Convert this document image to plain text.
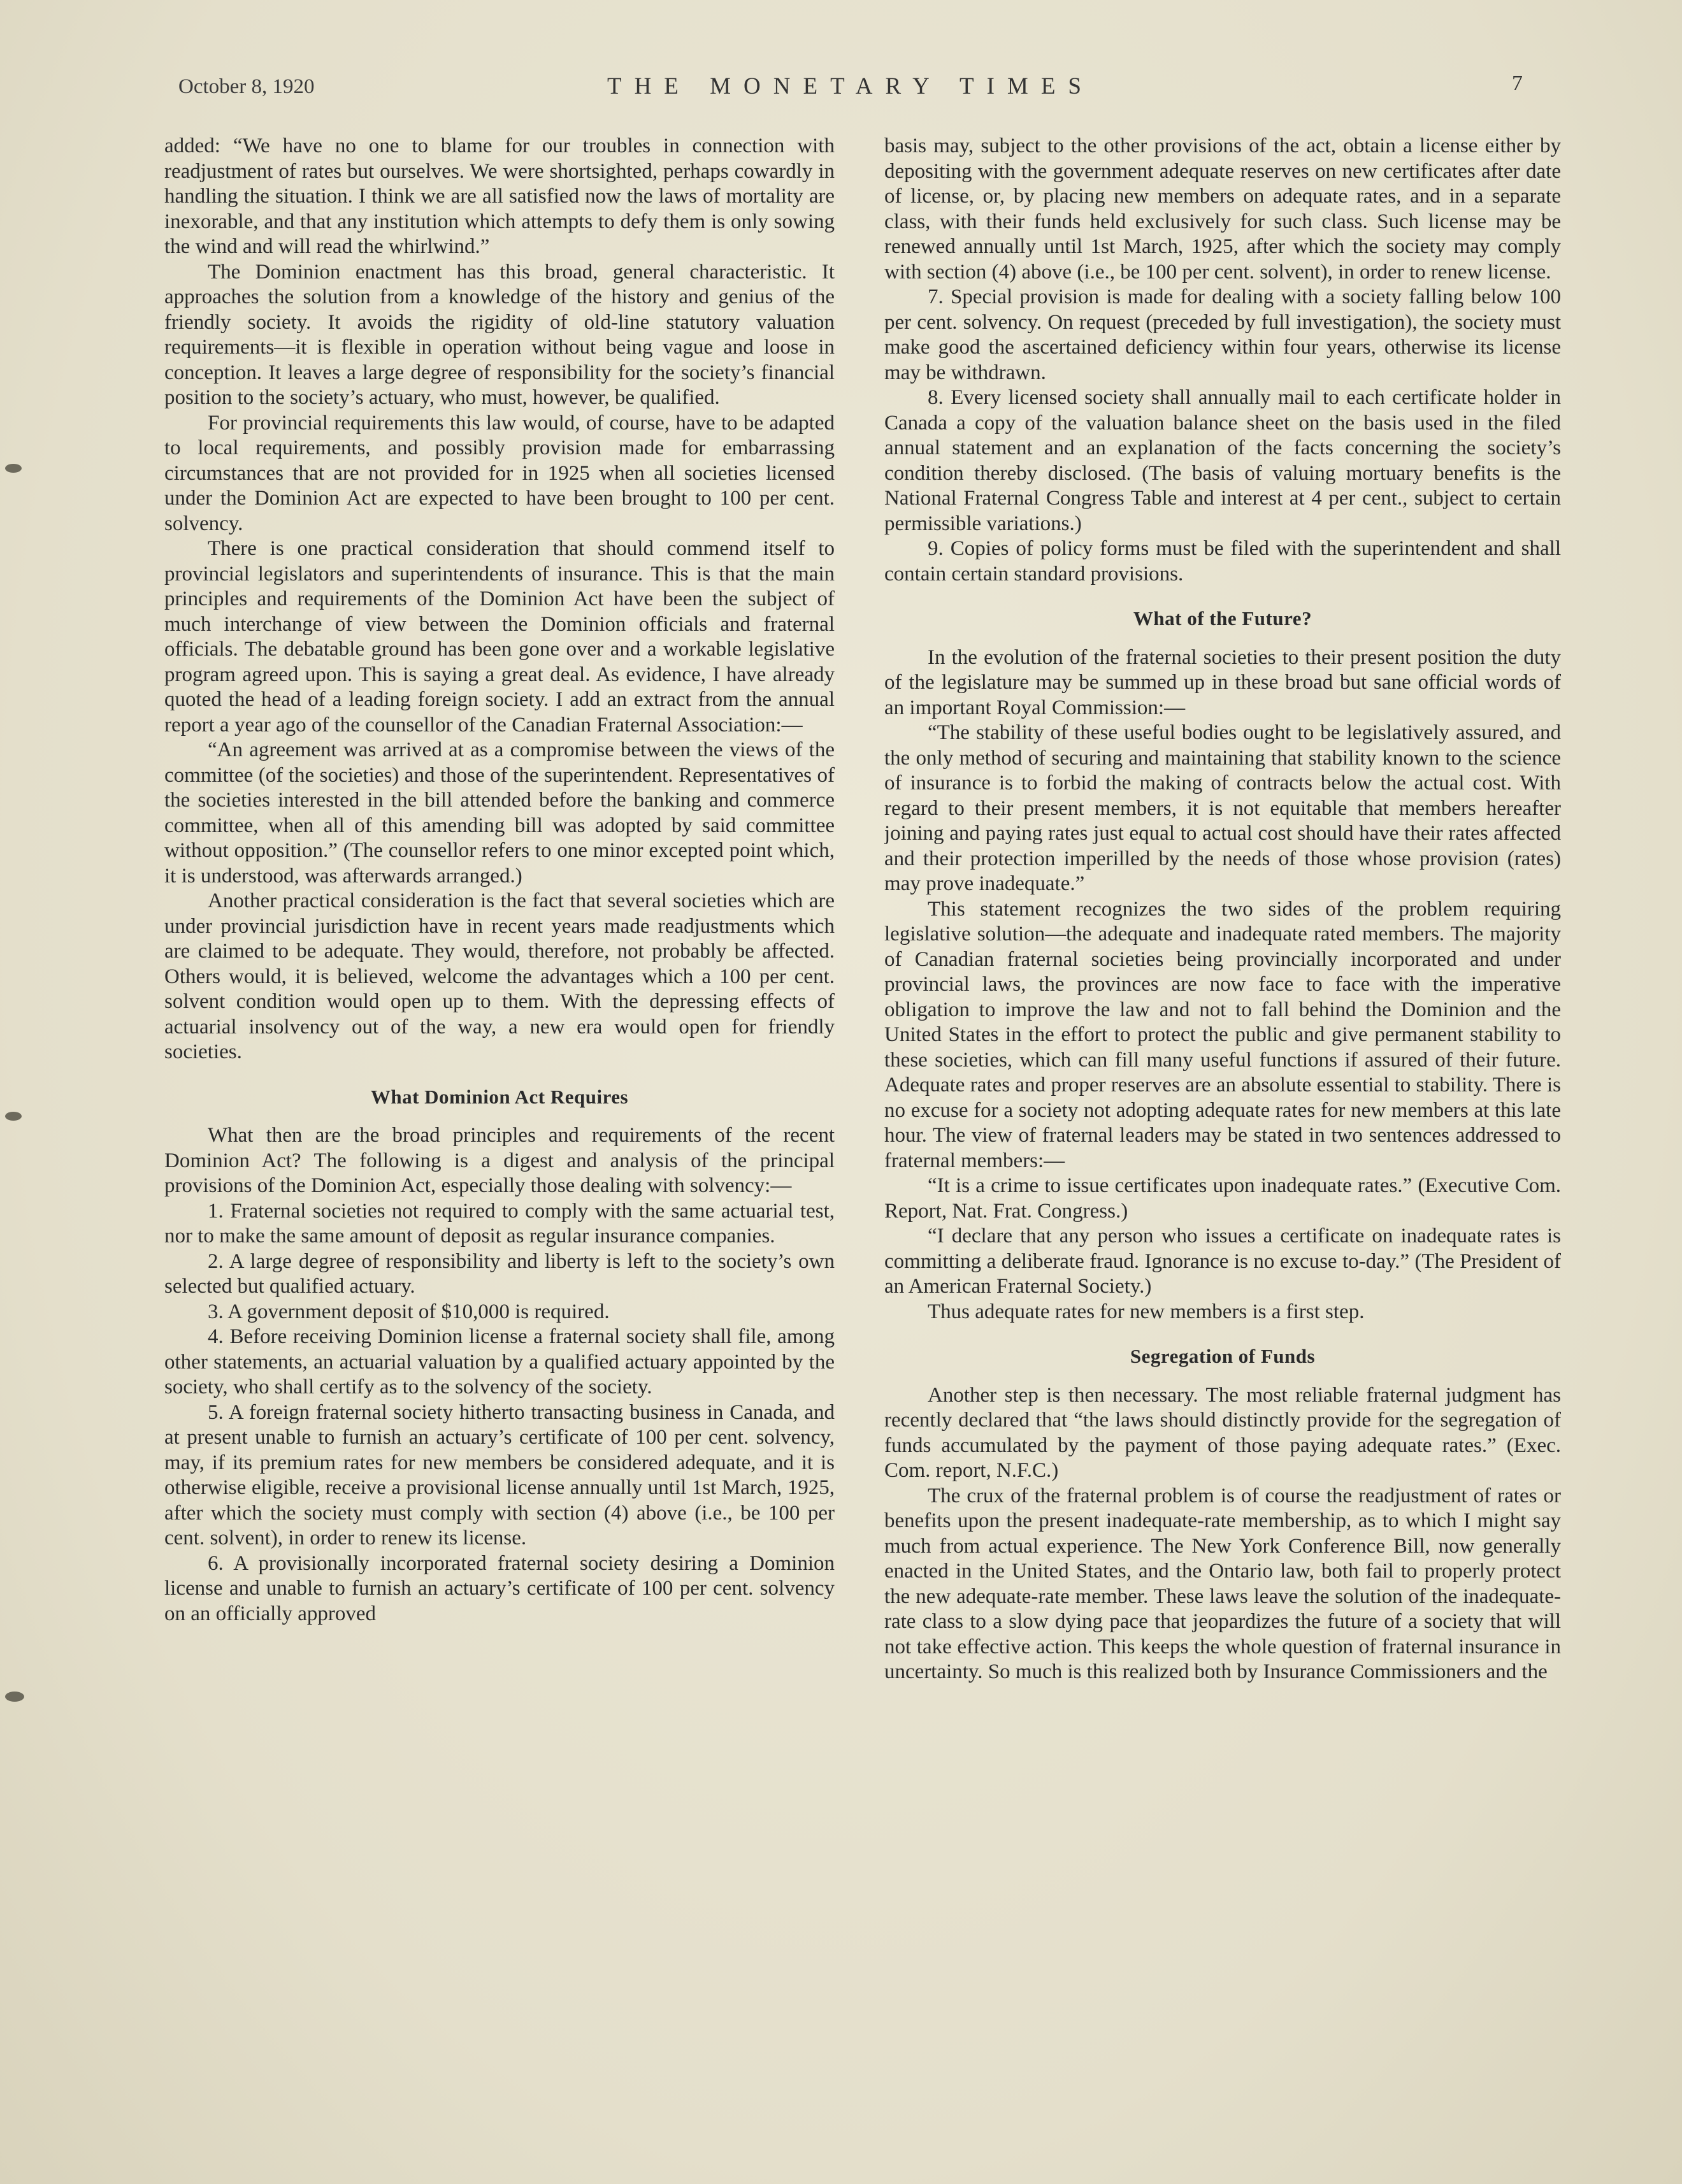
October 8, 1920	THE MONETARY TIMES	7

added: “We have no one to blame for our troubles in connection with readjustment of rates but ourselves. We were shortsighted, perhaps cowardly in handling the situation. I think we are all satisfied now the laws of mortality are inexorable, and that any institution which attempts to defy them is only sowing the wind and will read the whirlwind.”

The Dominion enactment has this broad, general characteristic. It approaches the solution from a knowledge of the history and genius of the friendly society. It avoids the rigidity of old-line statutory valuation requirements—it is flexible in operation without being vague and loose in conception. It leaves a large degree of responsibility for the society’s financial position to the society’s actuary, who must, however, be qualified.

For provincial requirements this law would, of course, have to be adapted to local requirements, and possibly provision made for embarrassing circumstances that are not provided for in 1925 when all societies licensed under the Dominion Act are expected to have been brought to 100 per cent. solvency.

There is one practical consideration that should commend itself to provincial legislators and superintendents of insurance. This is that the main principles and requirements of the Dominion Act have been the subject of much interchange of view between the Dominion officials and fraternal officials. The debatable ground has been gone over and a workable legislative program agreed upon. This is saying a great deal. As evidence, I have already quoted the head of a leading foreign society. I add an extract from the annual report a year ago of the counsellor of the Canadian Fraternal Association:—

“An agreement was arrived at as a compromise between the views of the committee (of the societies) and those of the superintendent. Representatives of the societies interested in the bill attended before the banking and commerce committee, when all of this amending bill was adopted by said committee without opposition.” (The counsellor refers to one minor excepted point which, it is understood, was afterwards arranged.)

Another practical consideration is the fact that several societies which are under provincial jurisdiction have in recent years made readjustments which are claimed to be adequate. They would, therefore, not probably be affected. Others would, it is believed, welcome the advantages which a 100 per cent. solvent condition would open up to them. With the depressing effects of actuarial insolvency out of the way, a new era would open for friendly societies.

What Dominion Act Requires

What then are the broad principles and requirements of the recent Dominion Act? The following is a digest and analysis of the principal provisions of the Dominion Act, especially those dealing with solvency:—

1. Fraternal societies not required to comply with the same actuarial test, nor to make the same amount of deposit as regular insurance companies.

2. A large degree of responsibility and liberty is left to the society’s own selected but qualified actuary.

3. A government deposit of $10,000 is required.

4. Before receiving Dominion license a fraternal society shall file, among other statements, an actuarial valuation by a qualified actuary appointed by the society, who shall certify as to the solvency of the society.

5. A foreign fraternal society hitherto transacting business in Canada, and at present unable to furnish an actuary’s certificate of 100 per cent. solvency, may, if its premium rates for new members be considered adequate, and it is otherwise eligible, receive a provisional license annually until 1st March, 1925, after which the society must comply with section (4) above (i.e., be 100 per cent. solvent), in order to renew its license.

6. A provisionally incorporated fraternal society desiring a Dominion license and unable to furnish an actuary’s certificate of 100 per cent. solvency on an officially approved

basis may, subject to the other provisions of the act, obtain a license either by depositing with the government adequate reserves on new certificates after date of license, or, by placing new members on adequate rates, and in a separate class, with their funds held exclusively for such class. Such license may be renewed annually until 1st March, 1925, after which the society may comply with section (4) above (i.e., be 100 per cent. solvent), in order to renew license.

7. Special provision is made for dealing with a society falling below 100 per cent. solvency. On request (preceded by full investigation), the society must make good the ascertained deficiency within four years, otherwise its license may be withdrawn.

8. Every licensed society shall annually mail to each certificate holder in Canada a copy of the valuation balance sheet on the basis used in the filed annual statement and an explanation of the facts concerning the society’s condition thereby disclosed. (The basis of valuing mortuary benefits is the National Fraternal Congress Table and interest at 4 per cent., subject to certain permissible variations.)

9. Copies of policy forms must be filed with the superintendent and shall contain certain standard provisions.

What of the Future?

In the evolution of the fraternal societies to their present position the duty of the legislature may be summed up in these broad but sane official words of an important Royal Commission:—

“The stability of these useful bodies ought to be legislatively assured, and the only method of securing and maintaining that stability known to the science of insurance is to forbid the making of contracts below the actual cost. With regard to their present members, it is not equitable that members hereafter joining and paying rates just equal to actual cost should have their rates affected and their protection imperilled by the needs of those whose provision (rates) may prove inadequate.”

This statement recognizes the two sides of the problem requiring legislative solution—the adequate and inadequate rated members. The majority of Canadian fraternal societies being provincially incorporated and under provincial laws, the provinces are now face to face with the imperative obligation to improve the law and not to fall behind the Dominion and the United States in the effort to protect the public and give permanent stability to these societies, which can fill many useful functions if assured of their future. Adequate rates and proper reserves are an absolute essential to stability. There is no excuse for a society not adopting adequate rates for new members at this late hour. The view of fraternal leaders may be stated in two sentences addressed to fraternal members:—

“It is a crime to issue certificates upon inadequate rates.” (Executive Com. Report, Nat. Frat. Congress.)

“I declare that any person who issues a certificate on inadequate rates is committing a deliberate fraud. Ignorance is no excuse to-day.” (The President of an American Fraternal Society.)

Thus adequate rates for new members is a first step.

Segregation of Funds

Another step is then necessary. The most reliable fraternal judgment has recently declared that “the laws should distinctly provide for the segregation of funds accumulated by the payment of those paying adequate rates.” (Exec. Com. report, N.F.C.)

The crux of the fraternal problem is of course the readjustment of rates or benefits upon the present inadequate-rate membership, as to which I might say much from actual experience. The New York Conference Bill, now generally enacted in the United States, and the Ontario law, both fail to properly protect the new adequate-rate member. These laws leave the solution of the inadequate-rate class to a slow dying pace that jeopardizes the future of a society that will not take effective action. This keeps the whole question of fraternal insurance in uncertainty. So much is this realized both by Insurance Commissioners and the
